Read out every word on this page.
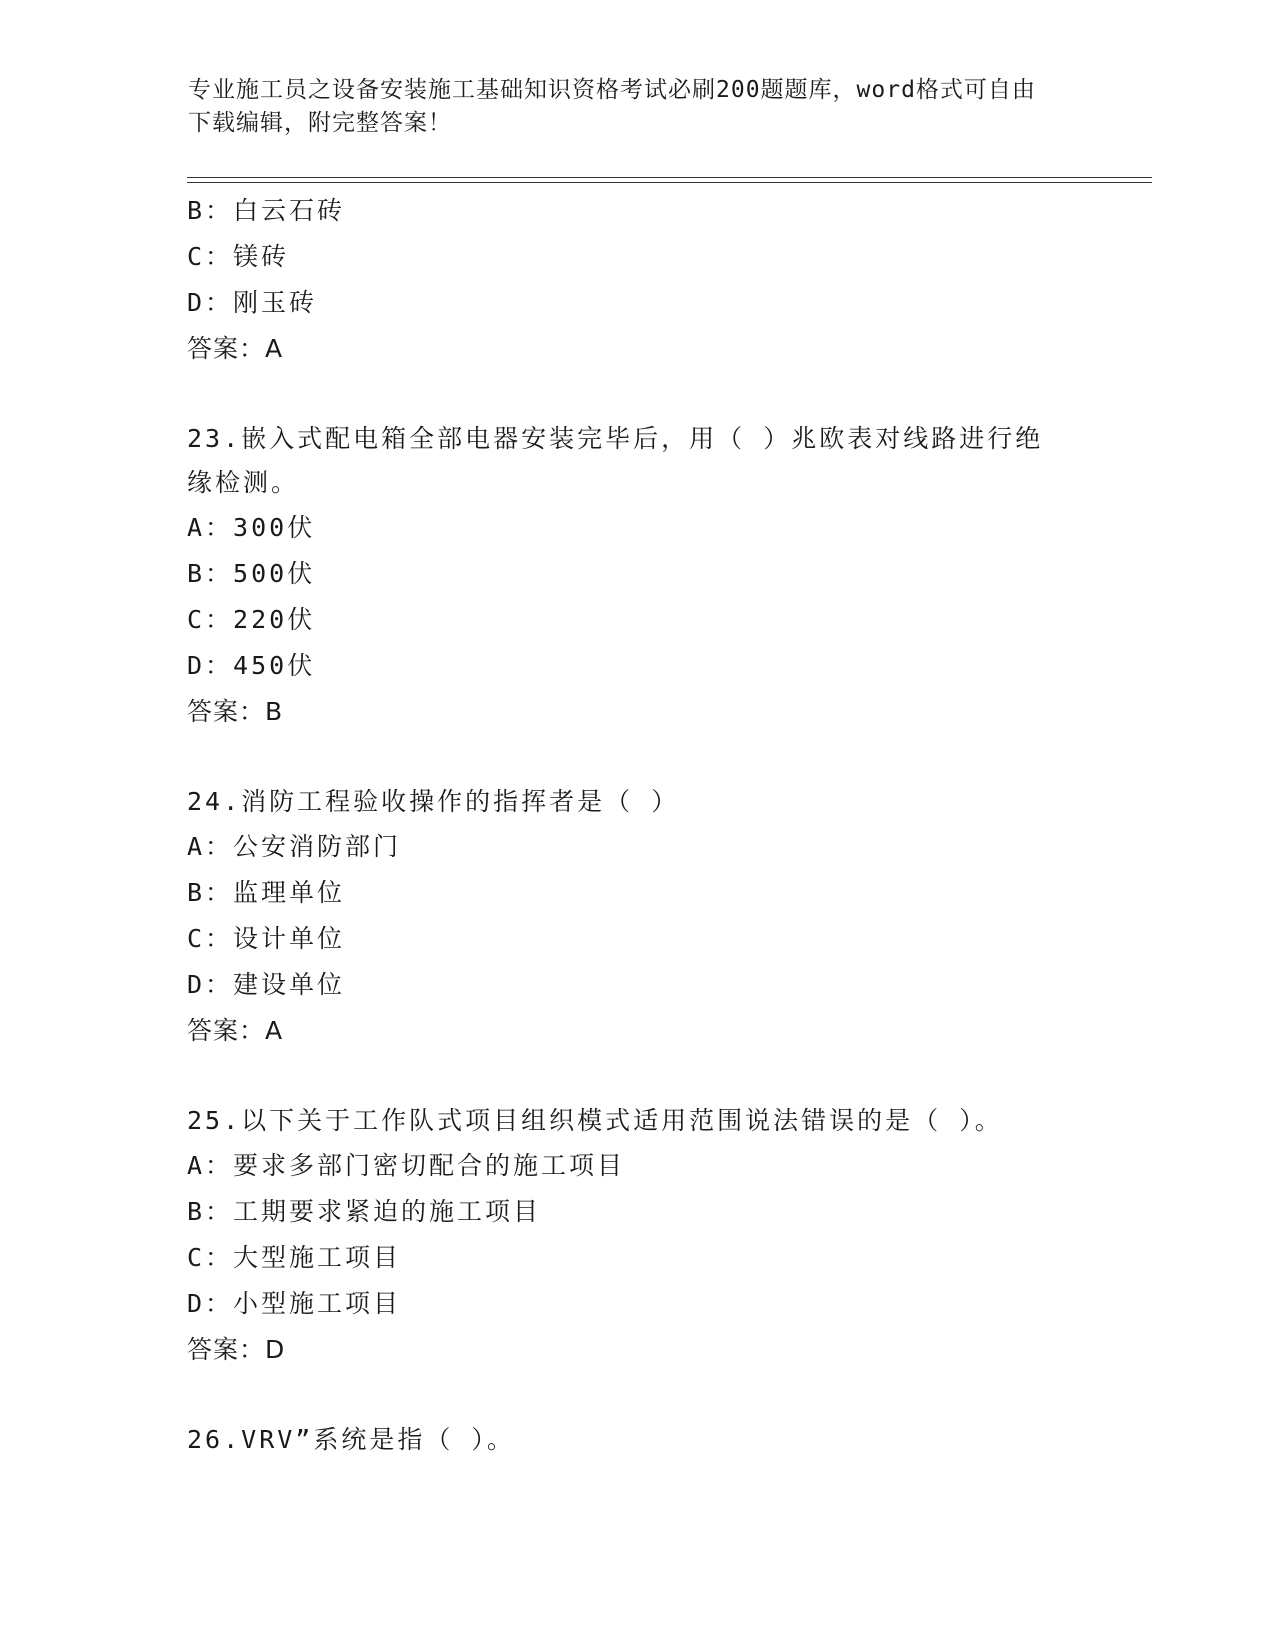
专业施工员之设备安装施工基础知识资格考试必刷200题题库，word格式可自由
下载编辑，附完整答案！
B：白云石砖
C：镁砖
D：刚玉砖
答案：A
23.嵌入式配电箱全部电器安装完毕后，用（ ）兆欧表对线路进行绝
缘检测。
A：300伏
B：500伏
C：220伏
D：450伏
答案：B
24.消防工程验收操作的指挥者是（ ）
A：公安消防部门
B：监理单位
C：设计单位
D：建设单位
答案：A
25.以下关于工作队式项目组织模式适用范围说法错误的是（ ）。
A：要求多部门密切配合的施工项目
B：工期要求紧迫的施工项目
C：大型施工项目
D：小型施工项目
答案：D
26.VRV”系统是指（ ）。
